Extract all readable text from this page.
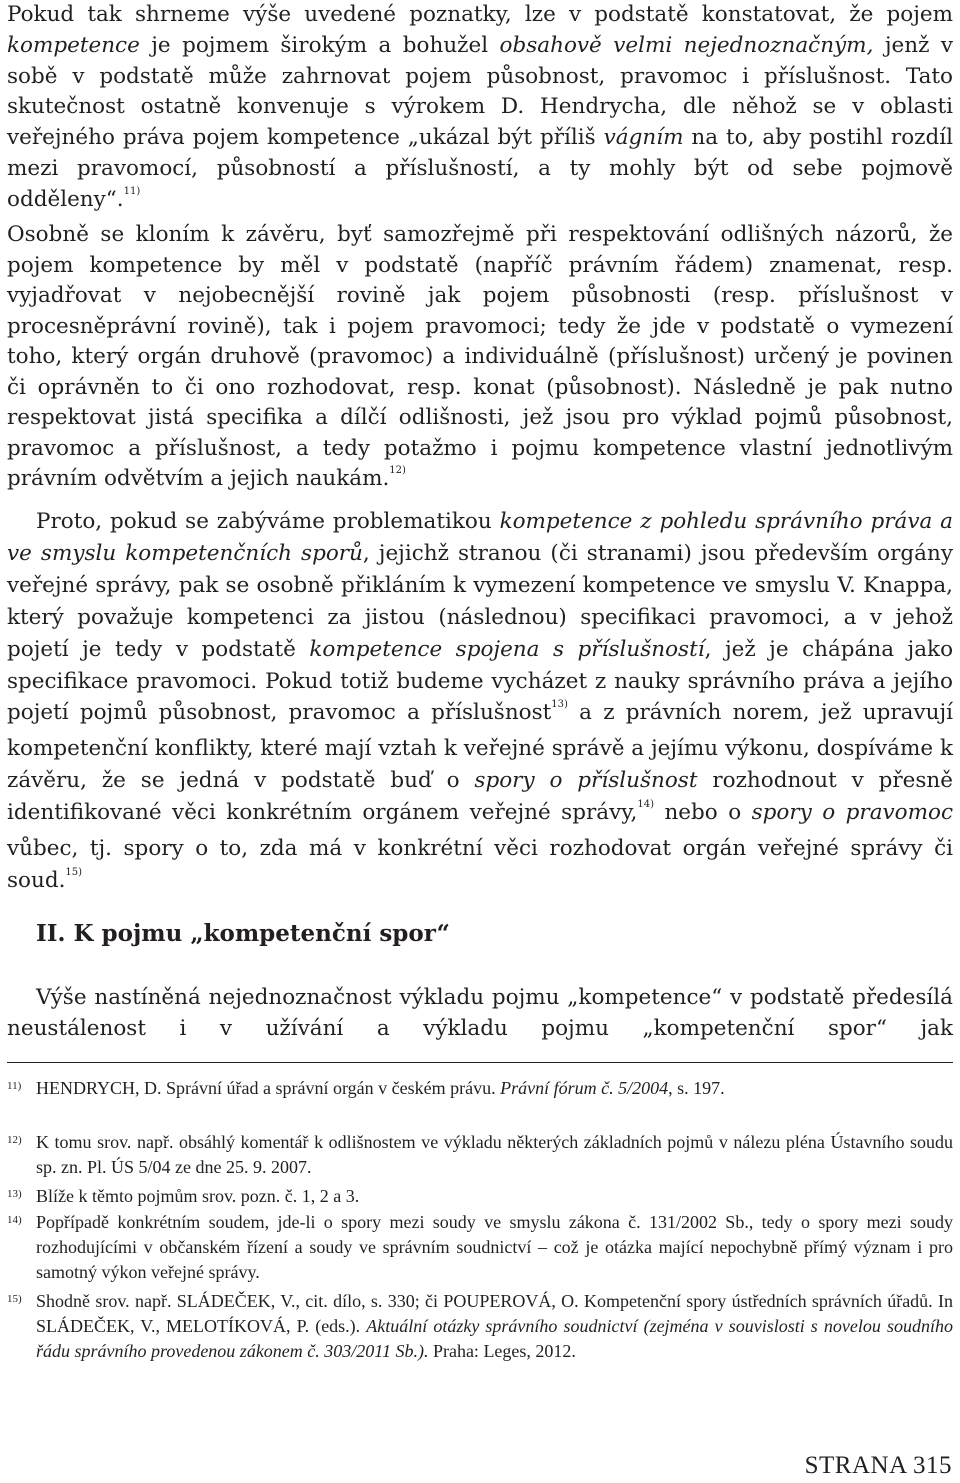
Pokud tak shrneme výše uvedené poznatky, lze v podstatě konstatovat, že pojem kompetence je pojmem širokým a bohužel obsahově velmi nejednoznačným, jenž v sobě v podstatě může zahrnovat pojem působnost, pravomoc i příslušnost. Tato skutečnost ostatně konvenuje s výrokem D. Hendrycha, dle něhož se v oblasti veřejného práva pojem kompetence „ukázal být příliš vágním na to, aby postihl rozdíl mezi pravomocí, působností a příslušností, a ty mohly být od sebe pojmově odděleny“.$^{11)}$
Osobně se kloním k závěru, byť samozřejmě při respektování odlišných názorů, že pojem kompetence by měl v podstatě (napříč právním řádem) znamenat, resp. vyjadřovat v nejobecnější rovině jak pojem působnosti (resp. příslušnost v procesněprávní rovině), tak i pojem pravomoci; tedy že jde v podstatě o vymezení toho, který orgán druhově (pravomoc) a individuálně (příslušnost) určený je povinen či oprávněn to či ono rozhodovat, resp. konat (působnost). Následně je pak nutno respektovat jistá specifika a dílčí odlišnosti, jež jsou pro výklad pojmů působnost, pravomoc a příslušnost, a tedy potažmo i pojmu kompetence vlastní jednotlivým právním odvětvím a jejich naukám.$^{12)}$
Proto, pokud se zabýváme problematikou kompetence z pohledu správního práva a ve smyslu kompetenčních sporů, jejichž stranou (či stranami) jsou především orgány veřejné správy, pak se osobně přikláním k vymezení kompetence ve smyslu V. Knappa, který považuje kompetenci za jistou (následnou) specifikaci pravomoci, a v jehož pojetí je tedy v podstatě kompetence spojena s příslušností, jež je chápána jako specifikace pravomoci. Pokud totiž budeme vycházet z nauky správního práva a jejího pojetí pojmů působnost, pravomoc a příslušnost$^{13)}$ a z právních norem, jež upravují kompetenční konflikty, které mají vztah k veřejné správě a jejímu výkonu, dospíváme k závěru, že se jedná v podstatě buď o spory o příslušnost rozhodnout v přesně identifikované věci konkrétním orgánem veřejné správy,$^{14)}$ nebo o spory o pravomoc vůbec, tj. spory o to, zda má v konkrétní věci rozhodovat orgán veřejné správy či soud.$^{15)}$
II. K pojmu „kompetenční spor“
Výše nastíněná nejednoznačnost výkladu pojmu „kompetence“ v podstatě předesílá neustálenost i v užívání a výkladu pojmu „kompetenční spor“ jak
11) HENDRYCH, D. Správní úřad a správní orgán v českém právu. Právní fórum č. 5/2004, s. 197.
12) K tomu srov. např. obsáhlý komentář k odlišnostem ve výkladu některých základních pojmů v nálezu pléna Ústavního soudu sp. zn. Pl. ÚS 5/04 ze dne 25. 9. 2007.
13) Blíže k těmto pojmům srov. pozn. č. 1, 2 a 3.
14) Popřípadě konkrétním soudem, jde-li o spory mezi soudy ve smyslu zákona č. 131/2002 Sb., tedy o spory mezi soudy rozhodujícími v občanském řízení a soudy ve správním soudnictví – což je otázka mající nepochybně přímý význam i pro samotný výkon veřejné správy.
15) Shodně srov. např. SLÁDEČEK, V., cit. dílo, s. 330; či POUPEROVÁ, O. Kompetenční spory ústředních správních úřadů. In SLÁDEČEK, V., MELOTÍKOVÁ, P. (eds.). Aktuální otázky správního soudnictví (zejména v souvislosti s novelou soudního řádu správního provedenou zákonem č. 303/2011 Sb.). Praha: Leges, 2012.
STRANA 315
